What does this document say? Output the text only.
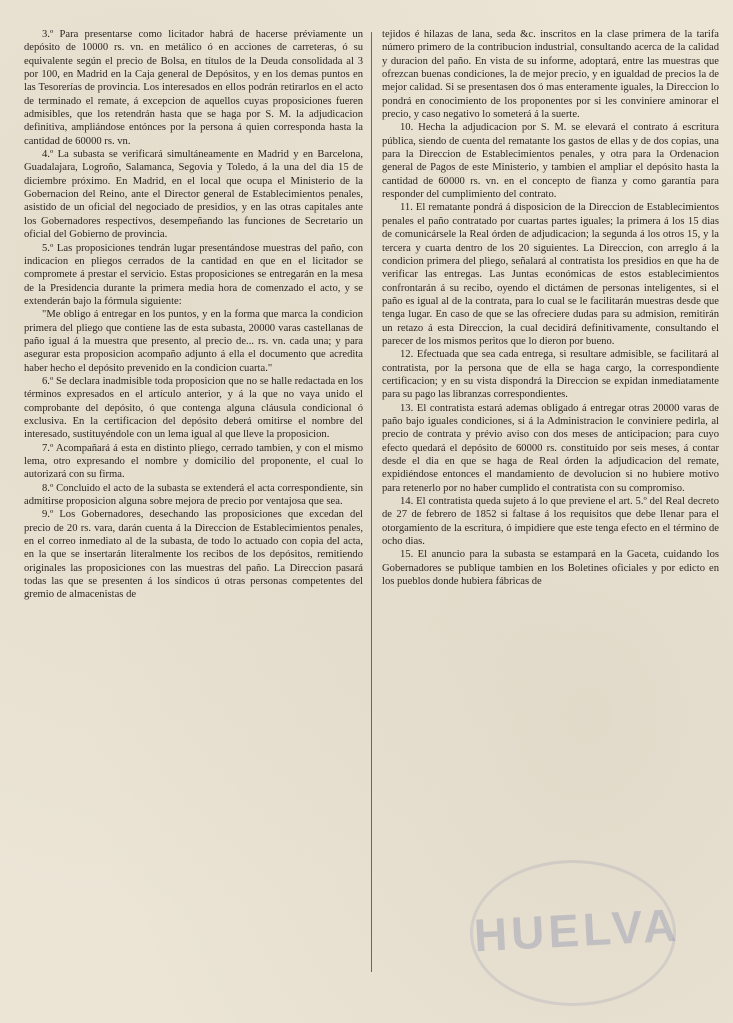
3.º Para presentarse como licitador habrá de hacerse préviamente un depósito de 10000 rs. vn. en metálico ó en acciones de carreteras, ó su equivalente según el precio de Bolsa, en títulos de la Deuda consolidada al 3 por 100, en Madrid en la Caja general de Depósitos, y en los demas puntos en las Tesorerías de provincia. Los interesados en ellos podrán retirarlos en el acto de terminado el remate, á excepcion de aquellos cuyas proposiciones fueren admisibles, que los retendrán hasta que se haga por S. M. la adjudicacion definitiva, ampliándose entónces por la persona á quien corresponda hasta la cantidad de 60000 rs. vn.

4.º La subasta se verificará simultáneamente en Madrid y en Barcelona, Guadalajara, Logroño, Salamanca, Segovia y Toledo, á la una del dia 15 de diciembre próximo. En Madrid, en el local que ocupa el Ministerio de la Gobernacion del Reino, ante el Director general de Establecimientos penales, asistido de un oficial del negociado de presidios, y en las otras capitales ante los Gobernadores respectivos, desempeñando las funciones de Secretario un oficial del Gobierno de provincia.

5.º Las proposiciones tendrán lugar presentándose muestras del paño, con indicacion en pliegos cerrados de la cantidad en que en el licitador se compromete á prestar el servicio. Estas proposiciones se entregarán en la mesa de la Presidencia durante la primera media hora de comenzado el acto, y se extenderán bajo la fórmula siguiente:

"Me obligo á entregar en los puntos, y en la forma que marca la condicion primera del pliego que contiene las de esta subasta, 20000 varas castellanas de paño igual á la muestra que presento, al precio de... rs. vn. cada una; y para asegurar esta proposicion acompaño adjunto á ella el documento que acredita haber hecho el depósito prevenido en la condicion cuarta."

6.º Se declara inadmisible toda proposicion que no se halle redactada en los términos expresados en el artículo anterior, y á la que no vaya unido el comprobante del depósito, ó que contenga alguna cláusula condicional ó exclusiva. En la certificacion del depósito deberá omitirse el nombre del interesado, sustituyéndole con un lema igual al que lleve la proposicion.

7.º Acompañará á esta en distinto pliego, cerrado tambien, y con el mismo lema, otro expresando el nombre y domicilio del proponente, el cual lo autorizará con su firma.

8.º Concluido el acto de la subasta se extenderá el acta correspondiente, sin admitirse proposicion alguna sobre mejora de precio por ventajosa que sea.

9.º Los Gobernadores, desechando las proposiciones que excedan del precio de 20 rs. vara, darán cuenta á la Direccion de Establecimientos penales, en el correo inmediato al de la subasta, de todo lo actuado con copia del acta, en la que se insertarán literalmente los recibos de los depósitos, remitiendo originales las proposiciones con las muestras del paño. La Direccion pasará todas las que se presenten á los síndicos ú otras personas competentes del gremio de almacenistas de

tejidos é hilazas de lana, seda &c. inscritos en la clase primera de la tarifa número primero de la contribucion industrial, consultando acerca de la calidad y duracion del paño. En vista de su informe, adoptará, entre las muestras que ofrezcan buenas condiciones, la de mejor precio, y en igualdad de precios la de mejor calidad. Si se presentasen dos ó mas enteramente iguales, la Direccion lo pondrá en conocimiento de los proponentes por si les conviniere aminorar el precio, y caso negativo lo someterá á la suerte.

10. Hecha la adjudicacion por S. M. se elevará el contrato á escritura pública, siendo de cuenta del rematante los gastos de ellas y de dos copias, una para la Direccion de Establecimientos penales, y otra para la Ordenacion general de Pagos de este Ministerio, y tambien el ampliar el depósito hasta la cantidad de 60000 rs. vn. en el concepto de fianza y como garantía para responder del cumplimiento del contrato.

11. El rematante pondrá á disposicion de la Direccion de Establecimientos penales el paño contratado por cuartas partes iguales; la primera á los 15 dias de comunicársele la Real órden de adjudicacion; la segunda á los otros 15, y la tercera y cuarta dentro de los 20 siguientes. La Direccion, con arreglo á la condicion primera del pliego, señalará al contratista los presidios en que ha de verificar las entregas. Las Juntas económicas de estos establecimientos confrontarán á su recibo, oyendo el dictámen de personas inteligentes, si el paño es igual al de la contrata, para lo cual se le facilitarán muestras desde que tenga lugar. En caso de que se las ofreciere dudas para su admision, remitirán un retazo á esta Direccion, la cual decidirá definitivamente, consultando el parecer de los mismos peritos que lo dieron por bueno.

12. Efectuada que sea cada entrega, si resultare admisible, se facilitará al contratista, por la persona que de ella se haga cargo, la correspondiente certificacion; y en su vista dispondrá la Direccion se expidan inmediatamente para su pago las libranzas correspondientes.

13. El contratista estará ademas obligado á entregar otras 20000 varas de paño bajo iguales condiciones, si á la Administracion le conviniere pedirla, al precio de contrata y prévio aviso con dos meses de anticipacion; para cuyo efecto quedará el depósito de 60000 rs. constituido por seis meses, á contar desde el dia en que se haga de Real órden la adjudicacion del remate, expidiéndose entonces el mandamiento de devolucion si no hubiere motivo para retenerlo por no haber cumplido el contratista con su compromiso.

14. El contratista queda sujeto á lo que previene el art. 5.º del Real decreto de 27 de febrero de 1852 si faltase á los requisitos que debe llenar para el otorgamiento de la escritura, ó impidiere que este tenga efecto en el término de ocho dias.

15. El anuncio para la subasta se estampará en la Gaceta, cuidando los Gobernadores se publique tambien en los Boletines oficiales y por edicto en los pueblos donde hubiera fábricas de

HUELVA
